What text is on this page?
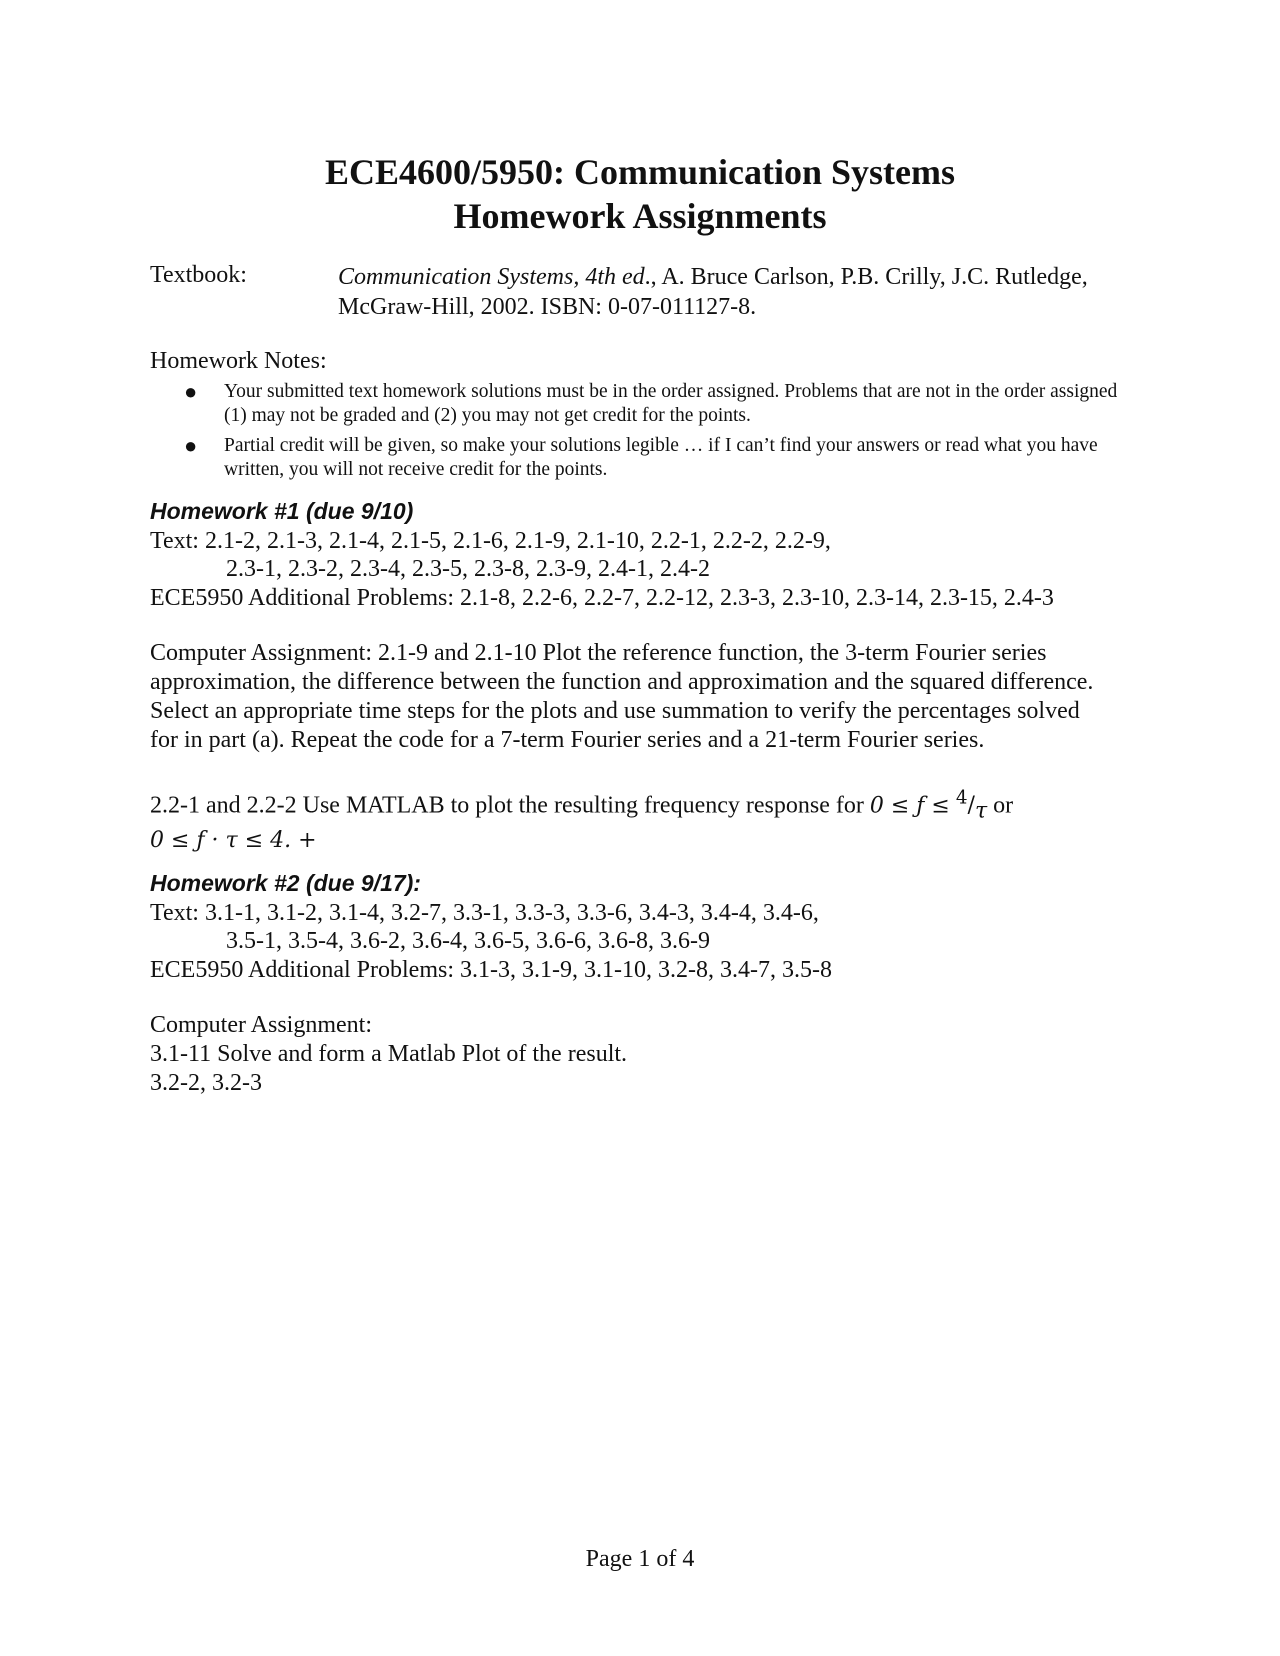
ECE4600/5950: Communication Systems
Homework Assignments
Textbook:	Communication Systems, 4th ed., A. Bruce Carlson, P.B. Crilly, J.C. Rutledge,
McGraw-Hill, 2002. ISBN: 0-07-011127-8.
Homework Notes:
● Your submitted text homework solutions must be in the order assigned. Problems that are not in the order assigned (1) may not be graded and (2) you may not get credit for the points.
● Partial credit will be given, so make your solutions legible … if I can’t find your answers or read what you have written, you will not receive credit for the points.
Homework #1 (due 9/10)
Text: 2.1-2, 2.1-3, 2.1-4, 2.1-5, 2.1-6, 2.1-9, 2.1-10, 2.2-1, 2.2-2, 2.2-9,
2.3-1, 2.3-2, 2.3-4, 2.3-5, 2.3-8, 2.3-9, 2.4-1, 2.4-2
ECE5950 Additional Problems: 2.1-8, 2.2-6, 2.2-7, 2.2-12, 2.3-3, 2.3-10, 2.3-14, 2.3-15, 2.4-3
Computer Assignment: 2.1-9 and 2.1-10 Plot the reference function, the 3-term Fourier series approximation, the difference between the function and approximation and the squared difference. Select an appropriate time steps for the plots and use summation to verify the percentages solved for in part (a). Repeat the code for a 7-term Fourier series and a 21-term Fourier series.
2.2-1 and 2.2-2 Use MATLAB to plot the resulting frequency response for 0 ≤ ƒ ≤ $^4/_\tau$ or
0 ≤ ƒ · τ ≤ 4. +
Homework #2 (due 9/17):
Text: 3.1-1, 3.1-2, 3.1-4, 3.2-7, 3.3-1, 3.3-3, 3.3-6, 3.4-3, 3.4-4, 3.4-6,
3.5-1, 3.5-4, 3.6-2, 3.6-4, 3.6-5, 3.6-6, 3.6-8, 3.6-9
ECE5950 Additional Problems: 3.1-3, 3.1-9, 3.1-10, 3.2-8, 3.4-7, 3.5-8
Computer Assignment:
3.1-11 Solve and form a Matlab Plot of the result.
3.2-2, 3.2-3
Page 1 of 4
